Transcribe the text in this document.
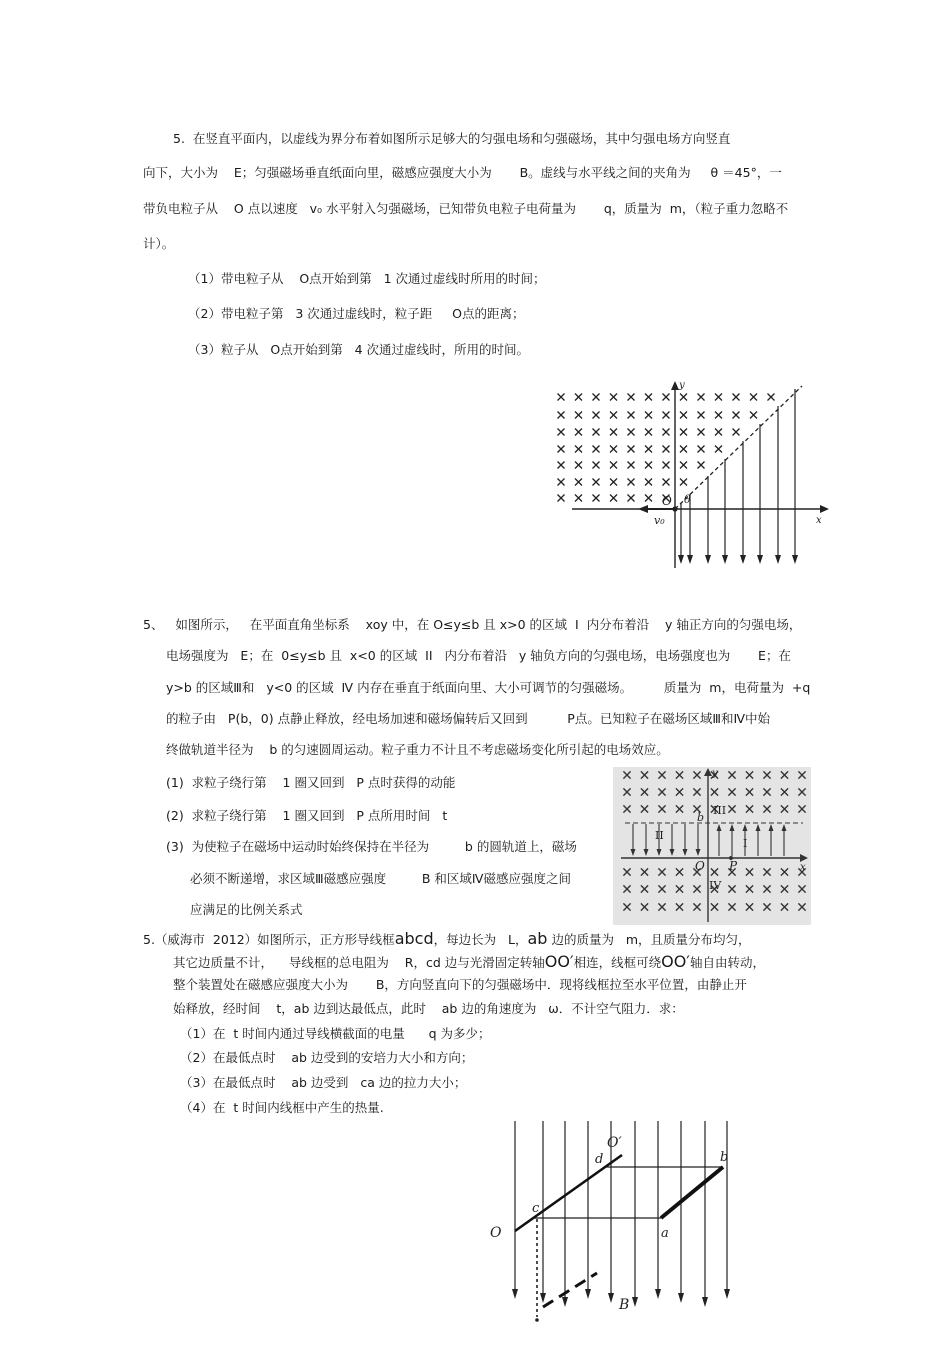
5.  在竖直平面内，以虚线为界分布着如图所示足够大的匀强电场和匀强磁场，其中匀强电场方向竖直
向下，大小为    E；匀强磁场垂直纸面向里，磁感应强度大小为       B。虚线与水平线之间的夹角为     θ ＝45°，一
带负电粒子从    O 点以速度   v₀ 水平射入匀强磁场，已知带负电粒子电荷量为       q，质量为  m，（粒子重力忽略不
计）。
（1）带电粒子从    O点开始到第   1 次通过虚线时所用的时间；
（2）带电粒子第   3 次通过虚线时，粒子距     O点的距离；
（3）粒子从   O点开始到第   4 次通过虚线时，所用的时间。
y
x
O θ
v₀
5、   如图所示，   在平面直角坐标系    xoy 中，在 O≤y≤b 且 x>0 的区域  I  内分布着沿    y 轴正方向的匀强电场，
电场强度为   E；在  0≤y≤b 且  x<0 的区域  II   内分布着沿   y 轴负方向的匀强电场，电场强度也为       E；在
y>b 的区域Ⅲ和   y<0 的区域  Ⅳ 内存在垂直于纸面向里、大小可调节的匀强磁场。        质量为  m，电荷量为  +q
的粒子由   P(b，0) 点静止释放，经电场加速和磁场偏转后又回到          P点。已知粒子在磁场区域Ⅲ和Ⅳ中始
终做轨道半径为    b 的匀速圆周运动。粒子重力不计且不考虑磁场变化所引起的电场效应。
(1)  求粒子绕行第    1 圈又回到   P 点时获得的动能
(2)  求粒子绕行第    1 圈又回到   P 点所用时间   t
(3)  为使粒子在磁场中运动时始终保持在半径为         b 的圆轨道上，磁场
必须不断递增，求区域Ⅲ磁感应强度         B 和区域Ⅳ磁感应强度之间
应满足的比例关系式
y
x
O
b
P
I
II
III
IV
5.（威海市  2012）如图所示，正方形导线框abcd，每边长为   L，ab 边的质量为   m，且质量分布均匀，
其它边质量不计，    导线框的总电阻为    R，cd 边与光滑固定转轴OO′相连，线框可绕OO′轴自由转动，
整个装置处在磁感应强度大小为       B，方向竖直向下的匀强磁场中．现将线框拉至水平位置，由静止开
始释放，经时间    t，ab 边到达最低点，此时    ab 边的角速度为   ω．不计空气阻力．求：
（1）在  t 时间内通过导线横截面的电量      q 为多少；
（2）在最低点时    ab 边受到的安培力大小和方向；
（3）在最低点时    ab 边受到   ca 边的拉力大小；
（4）在  t 时间内线框中产生的热量.
O
O′
d
c
a
b
B
